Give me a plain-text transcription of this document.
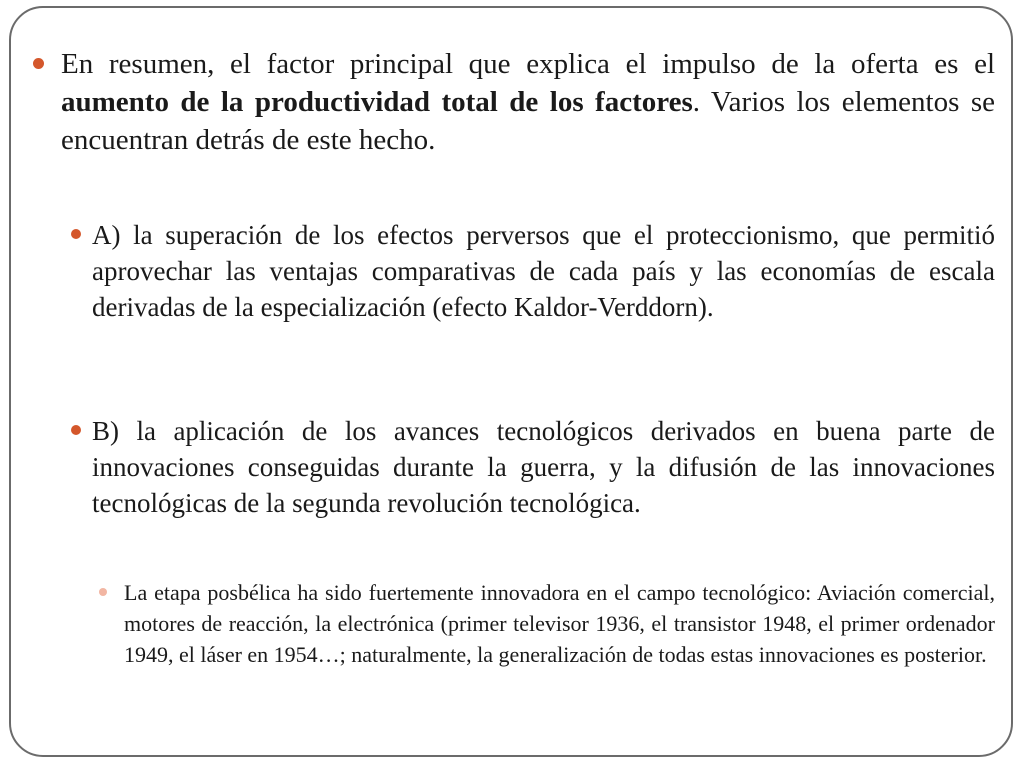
En resumen, el factor principal que explica el impulso de la oferta es el aumento de la productividad total de los factores. Varios los elementos se encuentran detrás de este hecho.

A) la superación de los efectos perversos que el proteccionismo, que permitió aprovechar las ventajas comparativas de cada país y las economías de escala derivadas de la especialización (efecto Kaldor-Verddorn).

B) la aplicación de los avances tecnológicos derivados en buena parte de innovaciones conseguidas durante la guerra, y la difusión de las innovaciones tecnológicas de la segunda revolución tecnológica.

La etapa posbélica ha sido fuertemente innovadora en el campo tecnológico: Aviación comercial, motores de reacción, la electrónica (primer televisor 1936, el transistor 1948, el primer ordenador 1949, el láser en 1954…; naturalmente, la generalización de todas estas innovaciones es posterior.
